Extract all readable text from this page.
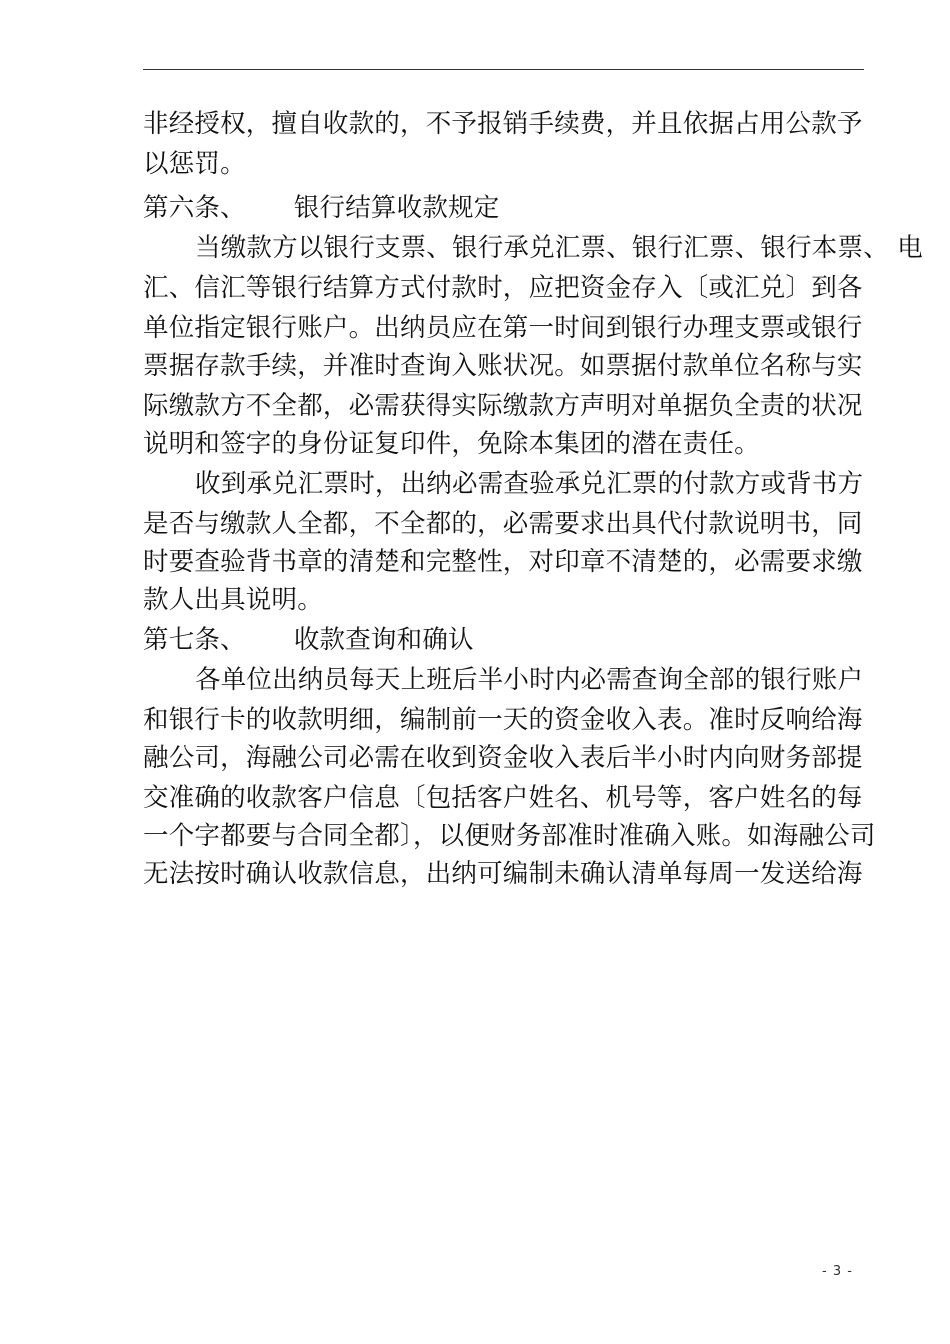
非经授权，擅自收款的，不予报销手续费，并且依据占用公款予
以惩罚。
第六条、 银行结算收款规定
当缴款方以银行支票、银行承兑汇票、银行汇票、银行本票、 电
汇、信汇等银行结算方式付款时，应把资金存入〔或汇兑〕到各
单位指定银行账户。出纳员应在第一时间到银行办理支票或银行
票据存款手续，并准时查询入账状况。如票据付款单位名称与实
际缴款方不全都，必需获得实际缴款方声明对单据负全责的状况
说明和签字的身份证复印件，免除本集团的潜在责任。
收到承兑汇票时，出纳必需查验承兑汇票的付款方或背书方
是否与缴款人全都，不全都的，必需要求出具代付款说明书，同
时要查验背书章的清楚和完整性，对印章不清楚的，必需要求缴
款人出具说明。
第七条、 收款查询和确认
各单位出纳员每天上班后半小时内必需查询全部的银行账户
和银行卡的收款明细，编制前一天的资金收入表。准时反响给海
融公司，海融公司必需在收到资金收入表后半小时内向财务部提
交准确的收款客户信息〔包括客户姓名、机号等，客户姓名的每
一个字都要与合同全都〕，以便财务部准时准确入账。如海融公司
无法按时确认收款信息，出纳可编制未确认清单每周一发送给海
- 3 -
